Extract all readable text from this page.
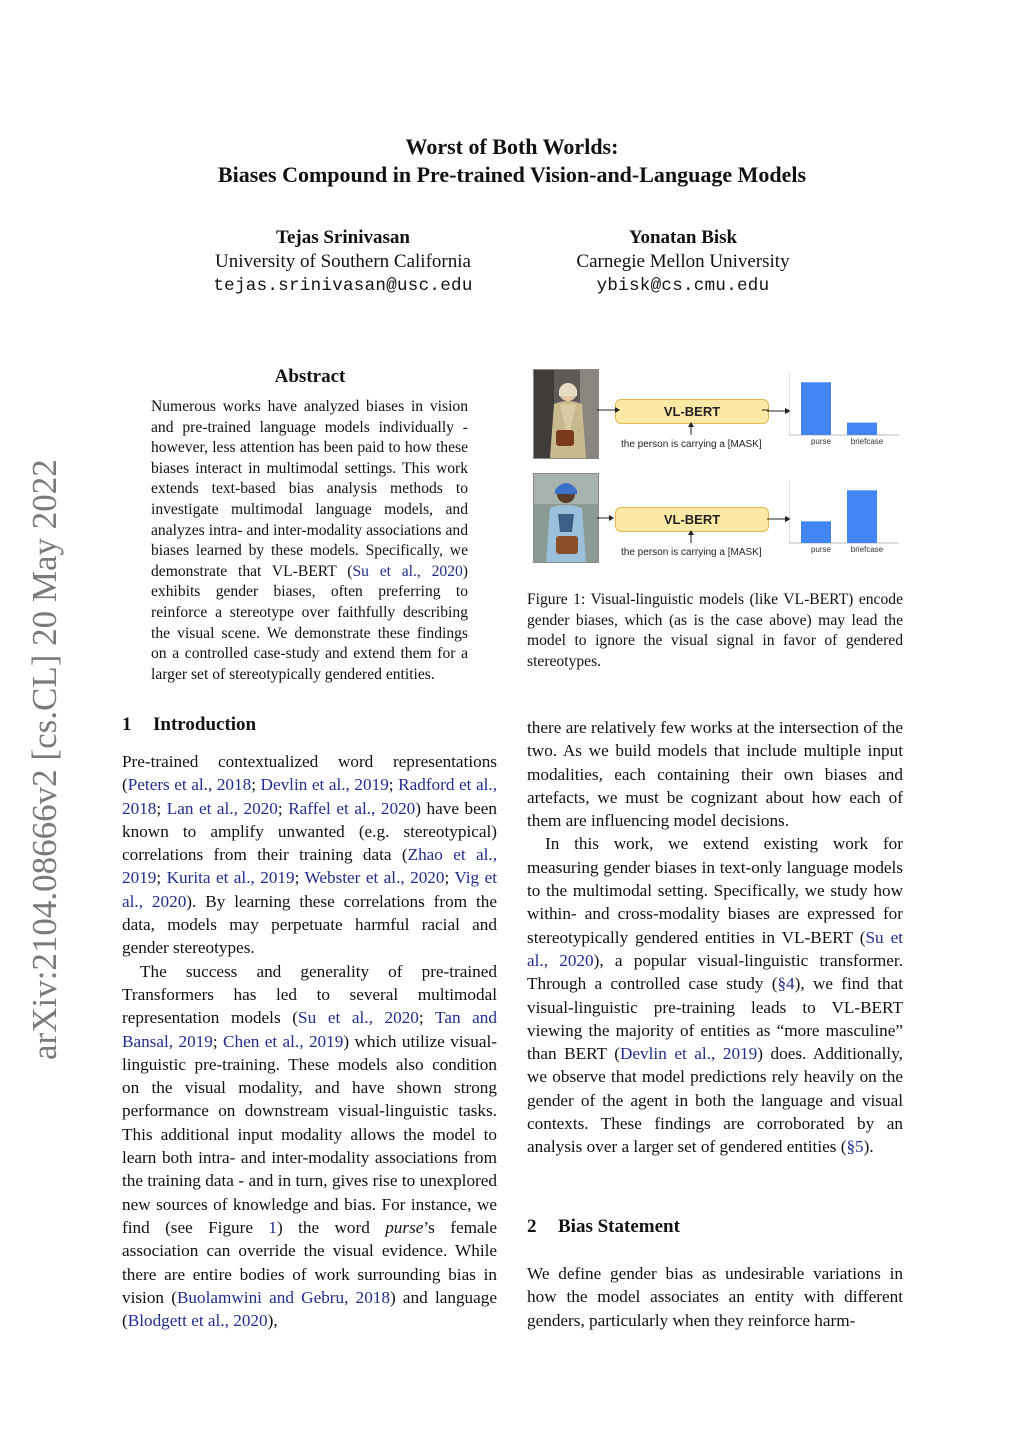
Worst of Both Worlds:
Biases Compound in Pre-trained Vision-and-Language Models
Tejas Srinivasan
University of Southern California
tejas.srinivasan@usc.edu
Yonatan Bisk
Carnegie Mellon University
ybisk@cs.cmu.edu
arXiv:2104.08666v2 [cs.CL] 20 May 2022
Abstract
Numerous works have analyzed biases in vision and pre-trained language models individually - however, less attention has been paid to how these biases interact in multimodal settings. This work extends text-based bias analysis methods to investigate multimodal language models, and analyzes intra- and inter-modality associations and biases learned by these models. Specifically, we demonstrate that VL-BERT (Su et al., 2020) exhibits gender biases, often preferring to reinforce a stereotype over faithfully describing the visual scene. We demonstrate these findings on a controlled case-study and extend them for a larger set of stereotypically gendered entities.
VL-BERT
the person is carrying a [MASK]	purse	briefcase
VL-BERT
the person is carrying a [MASK]	purse	briefcase
Figure 1: Visual-linguistic models (like VL-BERT) encode gender biases, which (as is the case above) may lead the model to ignore the visual signal in favor of gendered stereotypes.
1 Introduction

Pre-trained contextualized word representations (Peters et al., 2018; Devlin et al., 2019; Radford et al., 2018; Lan et al., 2020; Raffel et al., 2020) have been known to amplify unwanted (e.g. stereotypical) correlations from their training data (Zhao et al., 2019; Kurita et al., 2019; Webster et al., 2020; Vig et al., 2020). By learning these correlations from the data, models may perpetuate harmful racial and gender stereotypes.

The success and generality of pre-trained Transformers has led to several multimodal representation models (Su et al., 2020; Tan and Bansal, 2019; Chen et al., 2019) which utilize visual-linguistic pre-training. These models also condition on the visual modality, and have shown strong performance on downstream visual-linguistic tasks. This additional input modality allows the model to learn both intra- and inter-modality associations from the training data - and in turn, gives rise to unexplored new sources of knowledge and bias. For instance, we find (see Figure 1) the word purse’s female association can override the visual evidence. While there are entire bodies of work surrounding bias in vision (Buolamwini and Gebru, 2018) and language (Blodgett et al., 2020),

there are relatively few works at the intersection of the two. As we build models that include multiple input modalities, each containing their own biases and artefacts, we must be cognizant about how each of them are influencing model decisions.

In this work, we extend existing work for measuring gender biases in text-only language models to the multimodal setting. Specifically, we study how within- and cross-modality biases are expressed for stereotypically gendered entities in VL-BERT (Su et al., 2020), a popular visual-linguistic transformer. Through a controlled case study (§4), we find that visual-linguistic pre-training leads to VL-BERT viewing the majority of entities as “more masculine” than BERT (Devlin et al., 2019) does. Additionally, we observe that model predictions rely heavily on the gender of the agent in both the language and visual contexts. These findings are corroborated by an analysis over a larger set of gendered entities (§5).

2 Bias Statement

We define gender bias as undesirable variations in how the model associates an entity with different genders, particularly when they reinforce harm-
